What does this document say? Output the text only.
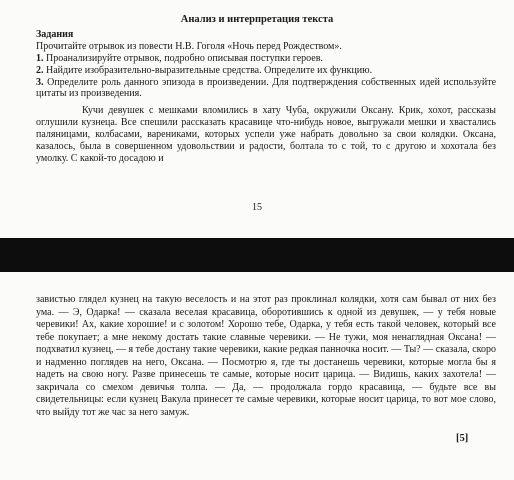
Анализ и интерпретация текста
Задания
Прочитайте отрывок из повести Н.В. Гоголя «Ночь перед Рождеством».
1. Проанализируйте отрывок, подробно описывая поступки героев.
2. Найдите изобразительно-выразительные средства. Определите их функцию.
3. Определите роль данного эпизода в произведении. Для подтверждения собственных идей используйте цитаты из произведения.
Кучи девушек с мешками вломились в хату Чуба, окружили Оксану. Крик, хохот, рассказы оглушили кузнеца. Все спешили рассказать красавице что-нибудь новое, выгружали мешки и хвастались паляницами, колбасами, варениками, которых успели уже набрать довольно за свои колядки. Оксана, казалось, была в совершенном удовольствии и радости, болтала то с той, то с другою и хохотала без умолку. С какой-то досадою и
15
завистью глядел кузнец на такую веселость и на этот раз проклинал колядки, хотя сам бывал от них без ума. — Э, Одарка! — сказала веселая красавица, оборотившись к одной из девушек, — у тебя новые черевики! Ах, какие хорошие! и с золотом! Хорошо тебе, Одарка, у тебя есть такой человек, который все тебе покупает; а мне некому достать такие славные черевики. — Не тужи, моя ненаглядная Оксана! — подхватил кузнец, — я тебе достану такие черевики, какие редкая панночка носит. — Ты? — сказала, скоро и надменно поглядев на него, Оксана. — Посмотрю я, где ты достанешь черевики, которые могла бы я надеть на свою ногу. Разве принесешь те самые, которые носит царица. — Видишь, каких захотела! — закричала со смехом девичья толпа. — Да, — продолжала гордо красавица, — будьте все вы свидетельницы: если кузнец Вакула принесет те самые черевики, которые носит царица, то вот мое слово, что выйду тот же час за него замуж.
[5]
